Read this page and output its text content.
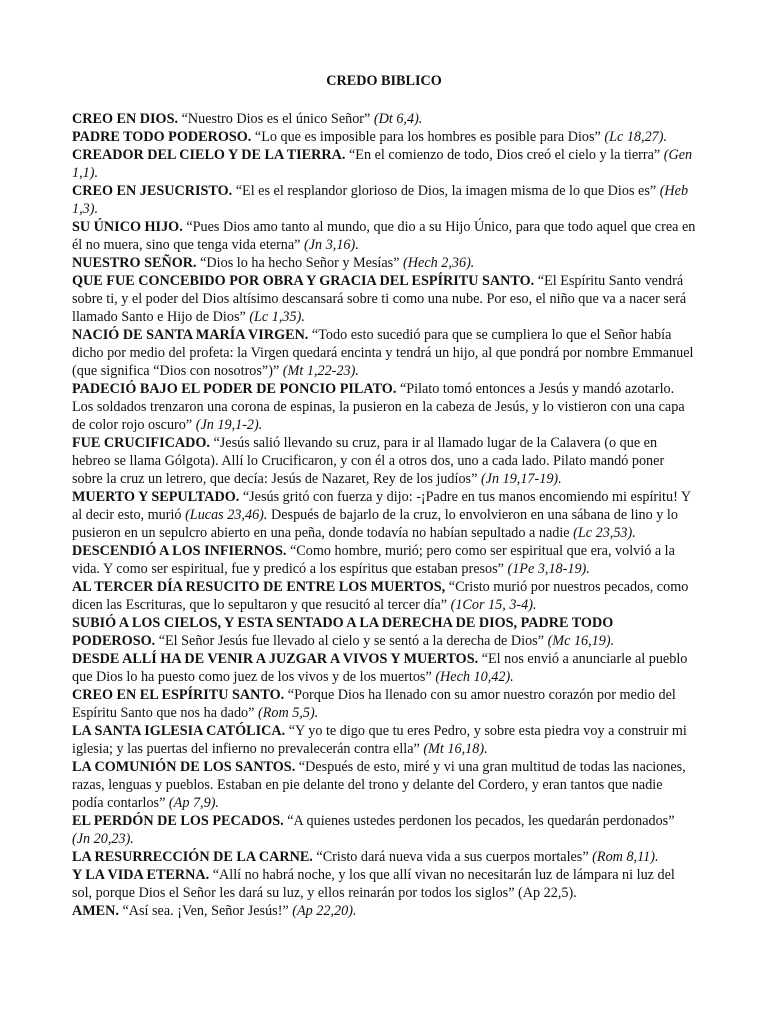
CREDO BIBLICO

CREO EN DIOS. “Nuestro Dios es el único Señor” (Dt 6,4).

PADRE TODO PODEROSO. “Lo que es imposible para los hombres es posible para Dios” (Lc 18,27).

CREADOR DEL CIELO Y DE LA TIERRA. “En el comienzo de todo, Dios creó el cielo y la tierra” (Gen 1,1).

CREO EN JESUCRISTO. “El es el resplandor glorioso de Dios, la imagen misma de lo que Dios es” (Heb 1,3).

SU ÚNICO HIJO. “Pues Dios amo tanto al mundo, que dio a su Hijo Único, para que todo aquel que crea en él no muera, sino que tenga vida eterna” (Jn 3,16).

NUESTRO SEÑOR. “Dios lo ha hecho Señor y Mesías” (Hech 2,36).

QUE FUE CONCEBIDO POR OBRA Y GRACIA DEL ESPÍRITU SANTO. “El Espíritu Santo vendrá sobre ti, y el poder del Dios altísimo descansará sobre ti como una nube. Por eso, el niño que va a nacer será llamado Santo e Hijo de Dios” (Lc 1,35).

NACIÓ DE SANTA MARÍA VIRGEN. “Todo esto sucedió para que se cumpliera lo que el Señor había dicho por medio del profeta: la Virgen quedará encinta y tendrá un hijo, al que pondrá por nombre Emmanuel (que significa “Dios con nosotros”)” (Mt 1,22-23).

PADECIÓ BAJO EL PODER DE PONCIO PILATO. “Pilato tomó entonces a Jesús y mandó azotarlo. Los soldados trenzaron una corona de espinas, la pusieron en la cabeza de Jesús, y lo vistieron con una capa de color rojo oscuro” (Jn 19,1-2).

FUE CRUCIFICADO. “Jesús salió llevando su cruz, para ir al llamado lugar de la Calavera (o que en hebreo se llama Gólgota). Allí lo Crucificaron, y con él a otros dos, uno a cada lado. Pilato mandó poner sobre la cruz un letrero, que decía: Jesús de Nazaret, Rey de los judíos” (Jn 19,17-19).

MUERTO Y SEPULTADO. “Jesús gritó con fuerza y dijo: -¡Padre en tus manos encomiendo mi espíritu! Y al decir esto, murió (Lucas 23,46). Después de bajarlo de la cruz, lo envolvieron en una sábana de lino y lo pusieron en un sepulcro abierto en una peña, donde todavía no habían sepultado a nadie (Lc 23,53).

DESCENDIÓ A LOS INFIERNOS. “Como hombre, murió; pero como ser espiritual que era, volvió a la vida. Y como ser espiritual, fue y predicó a los espíritus que estaban presos” (1Pe 3,18-19).

AL TERCER DÍA RESUCITO DE ENTRE LOS MUERTOS, “Cristo murió por nuestros pecados, como dicen las Escrituras, que lo sepultaron y que resucitó al tercer día” (1Cor 15, 3-4).

SUBIÓ A LOS CIELOS, Y ESTA SENTADO A LA DERECHA DE DIOS, PADRE TODO PODEROSO. “El Señor Jesús fue llevado al cielo y se sentó a la derecha de Dios” (Mc 16,19).

DESDE ALLÍ HA DE VENIR A JUZGAR A VIVOS Y MUERTOS. “El nos envió a anunciarle al pueblo que Dios lo ha puesto como juez de los vivos y de los muertos” (Hech 10,42).

CREO EN EL ESPÍRITU SANTO. “Porque Dios ha llenado con su amor nuestro corazón por medio del Espíritu Santo que nos ha dado” (Rom 5,5).

LA SANTA IGLESIA CATÓLICA. “Y yo te digo que tu eres Pedro, y sobre esta piedra voy a construir mi iglesia; y las puertas del infierno no prevalecerán contra ella” (Mt 16,18).

LA COMUNIÓN DE LOS SANTOS. “Después de esto, miré y vi una gran multitud de todas las naciones, razas, lenguas y pueblos. Estaban en pie delante del trono y delante del Cordero, y eran tantos que nadie podía contarlos” (Ap 7,9).

EL PERDÓN DE LOS PECADOS. “A quienes ustedes perdonen los pecados, les quedarán perdonados” (Jn 20,23).

LA RESURRECCIÓN DE LA CARNE. “Cristo dará nueva vida a sus cuerpos mortales” (Rom 8,11).

Y LA VIDA ETERNA. “Allí no habrá noche, y los que allí vivan no necesitarán luz de lámpara ni luz del sol, porque Dios el Señor les dará su luz, y ellos reinarán por todos los siglos” (Ap 22,5).

AMEN. “Así sea. ¡Ven, Señor Jesús!” (Ap 22,20).
